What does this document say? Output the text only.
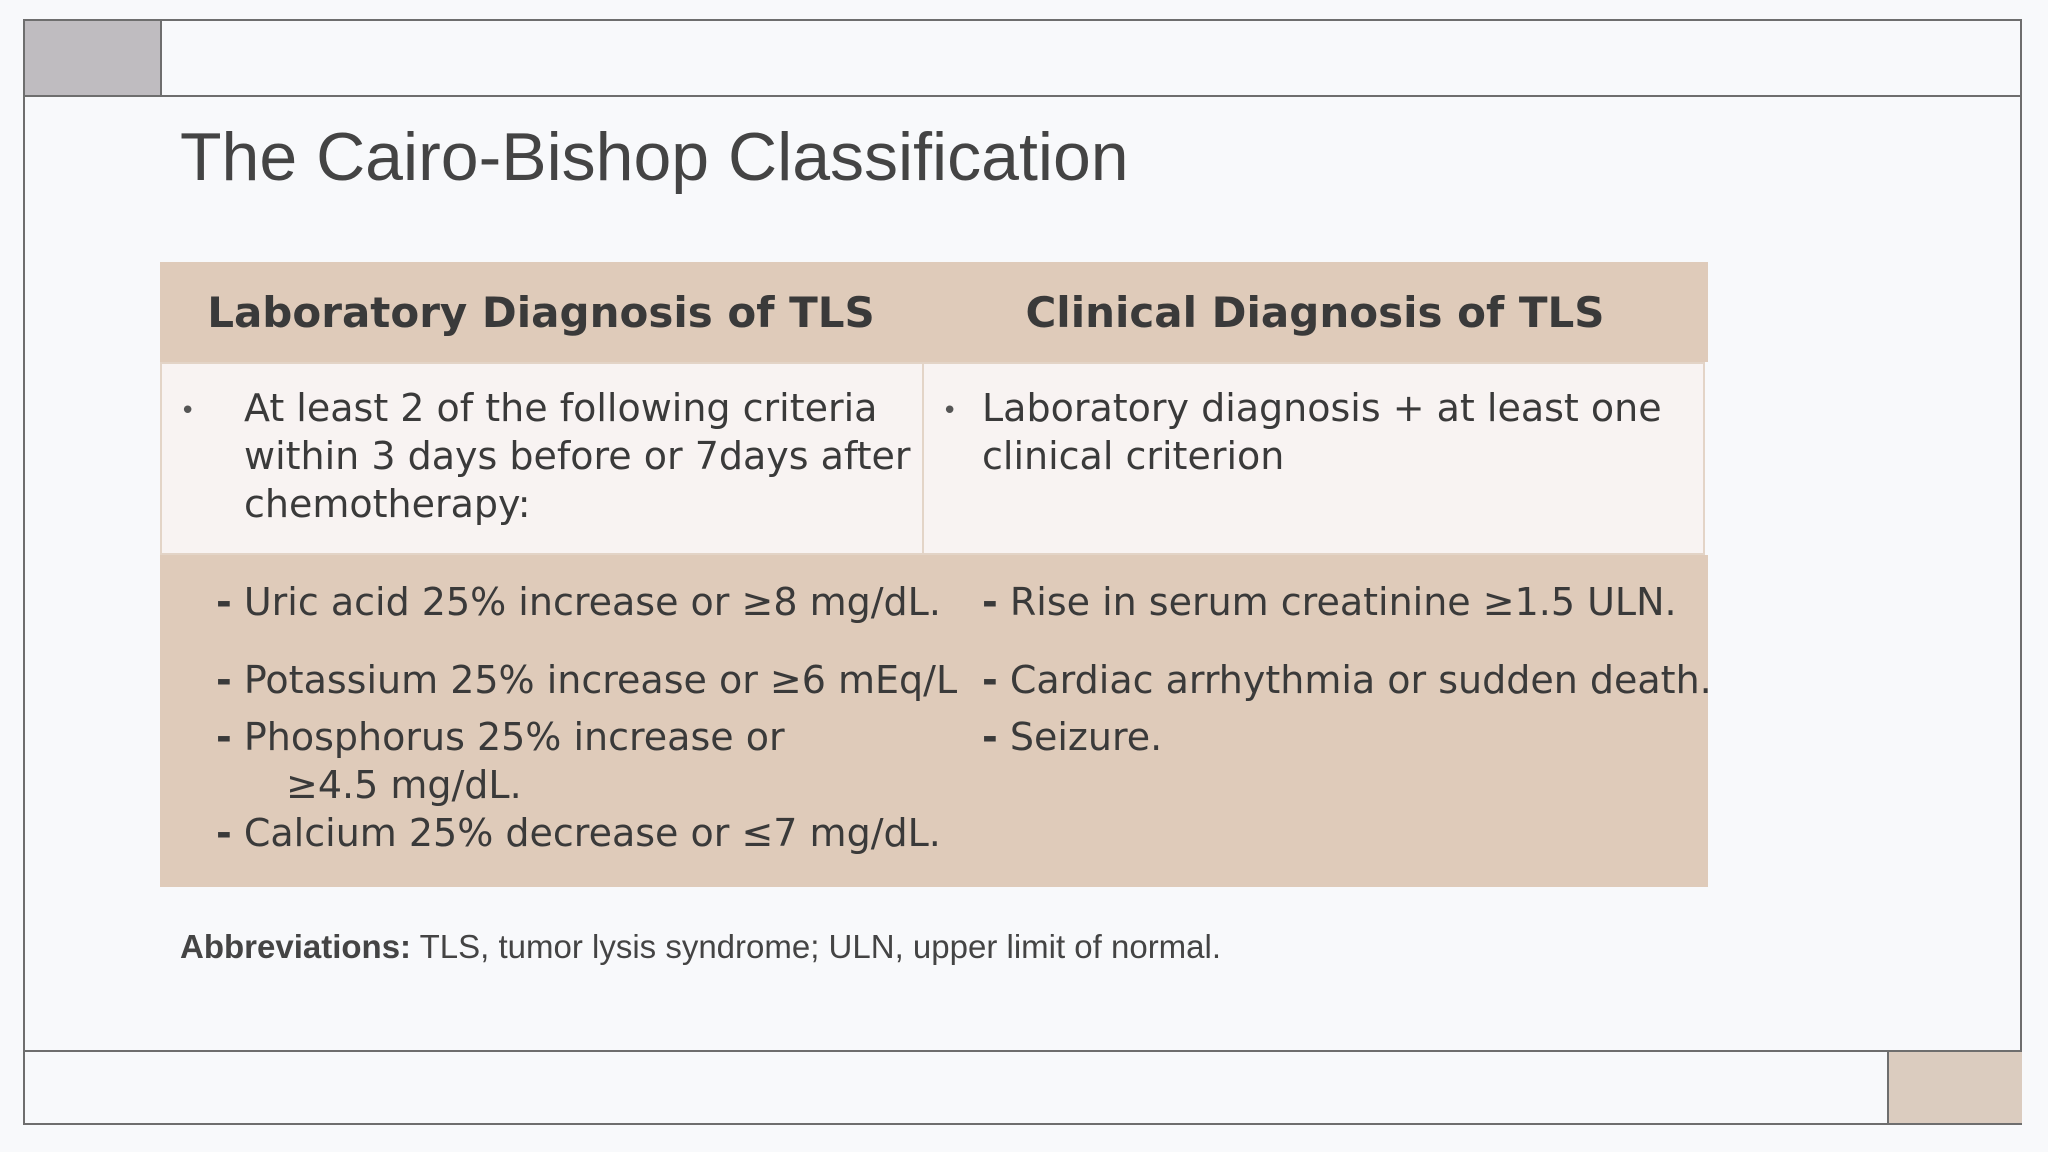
The Cairo-Bishop Classification
Laboratory Diagnosis of TLS	Clinical Diagnosis of TLS
• At least 2 of the following criteria
within 3 days before or 7days after
chemotherapy:
• Laboratory diagnosis + at least one
clinical criterion
- Uric acid 25% increase or ≥8 mg/dL.
- Potassium 25% increase or ≥6 mEq/L
- Phosphorus 25% increase or
≥4.5 mg/dL.
- Calcium 25% decrease or ≤7 mg/dL.
- Rise in serum creatinine ≥1.5 ULN.
- Cardiac arrhythmia or sudden death.
- Seizure.
Abbreviations: TLS, tumor lysis syndrome; ULN, upper limit of normal.
